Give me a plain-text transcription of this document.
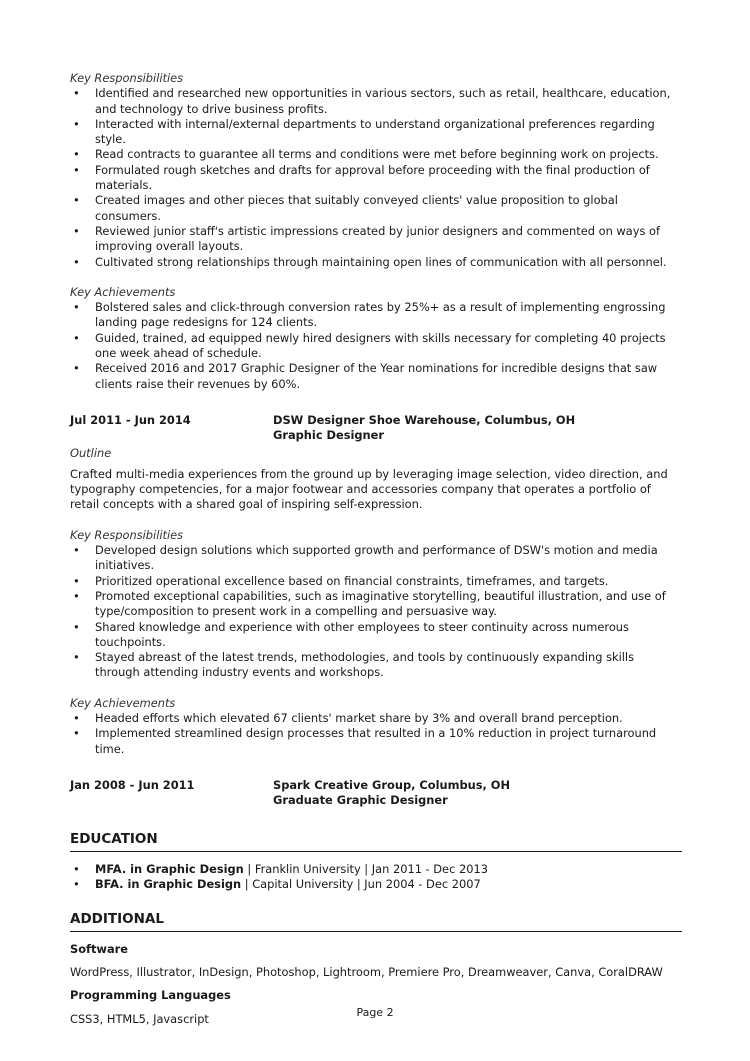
Key Responsibilities

• Identified and researched new opportunities in various sectors, such as retail, healthcare, education, and technology to drive business profits.
• Interacted with internal/external departments to understand organizational preferences regarding style.
• Read contracts to guarantee all terms and conditions were met before beginning work on projects.
• Formulated rough sketches and drafts for approval before proceeding with the final production of materials.
• Created images and other pieces that suitably conveyed clients' value proposition to global consumers.
• Reviewed junior staff's artistic impressions created by junior designers and commented on ways of improving overall layouts.
• Cultivated strong relationships through maintaining open lines of communication with all personnel.

Key Achievements

• Bolstered sales and click-through conversion rates by 25%+ as a result of implementing engrossing landing page redesigns for 124 clients.
• Guided, trained, ad equipped newly hired designers with skills necessary for completing 40 projects one week ahead of schedule.
• Received 2016 and 2017 Graphic Designer of the Year nominations for incredible designs that saw clients raise their revenues by 60%.
Jul 2011 - Jun 2014	DSW Designer Shoe Warehouse, Columbus, OH
Graphic Designer

Outline

Crafted multi-media experiences from the ground up by leveraging image selection, video direction, and typography competencies, for a major footwear and accessories company that operates a portfolio of retail concepts with a shared goal of inspiring self-expression.

Key Responsibilities

• Developed design solutions which supported growth and performance of DSW's motion and media initiatives.
• Prioritized operational excellence based on financial constraints, timeframes, and targets.
• Promoted exceptional capabilities, such as imaginative storytelling, beautiful illustration, and use of type/composition to present work in a compelling and persuasive way.
• Shared knowledge and experience with other employees to steer continuity across numerous touchpoints.
• Stayed abreast of the latest trends, methodologies, and tools by continuously expanding skills through attending industry events and workshops.

Key Achievements

• Headed efforts which elevated 67 clients' market share by 3% and overall brand perception.
• Implemented streamlined design processes that resulted in a 10% reduction in project turnaround time.
Jan 2008 - Jun 2011	Spark Creative Group, Columbus, OH
Graduate Graphic Designer
EDUCATION
• MFA. in Graphic Design | Franklin University | Jan 2011 - Dec 2013
• BFA. in Graphic Design | Capital University | Jun 2004 - Dec 2007
ADDITIONAL

Software

WordPress, Illustrator, InDesign, Photoshop, Lightroom, Premiere Pro, Dreamweaver, Canva, CoralDRAW

Programming Languages

CSS3, HTML5, Javascript	Page 2
